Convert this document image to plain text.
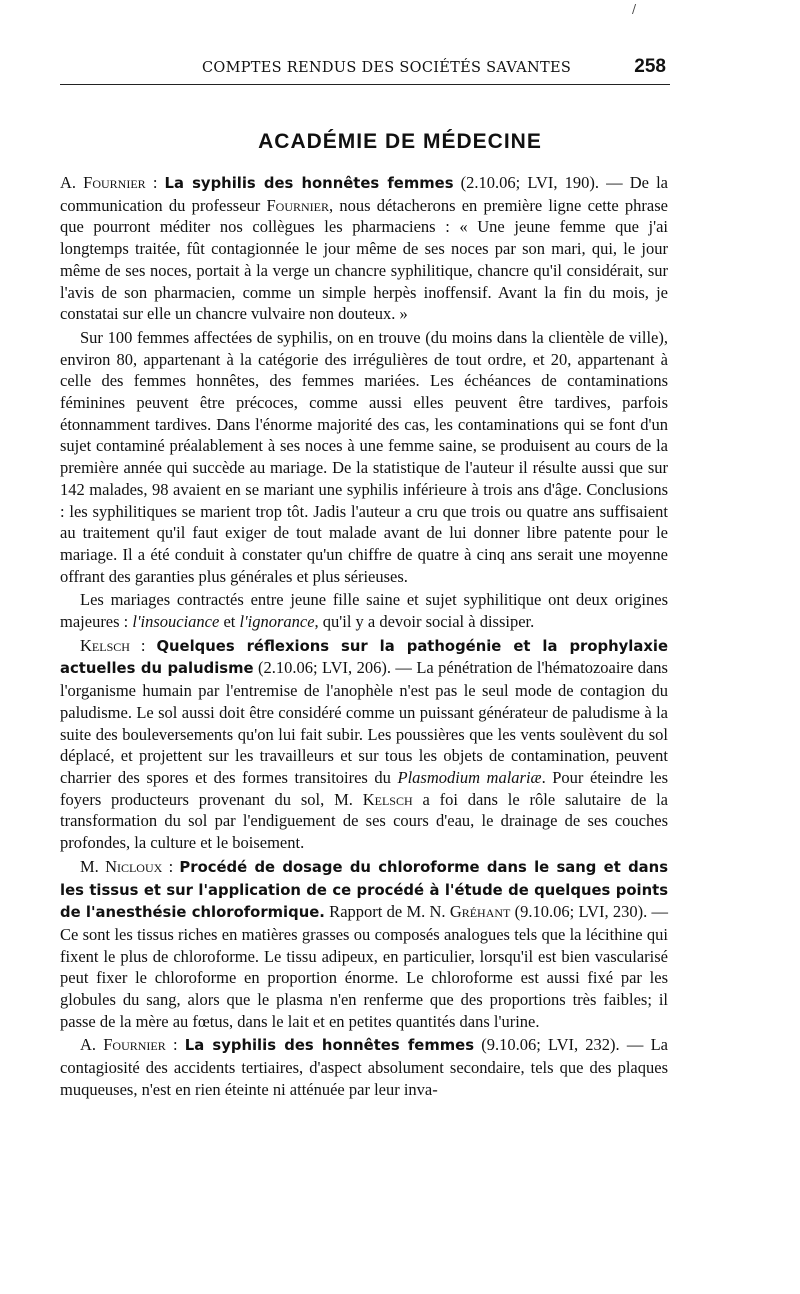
/
COMPTES RENDUS DES SOCIÉTÉS SAVANTES	258
ACADÉMIE DE MÉDECINE

A. Fournier : La syphilis des honnêtes femmes (2.10.06; LVI, 190). — De la communication du professeur Fournier, nous détacherons en première ligne cette phrase que pourront méditer nos collègues les pharmaciens : « Une jeune femme que j'ai longtemps traitée, fût contagionnée le jour même de ses noces par son mari, qui, le jour même de ses noces, portait à la verge un chancre syphilitique, chancre qu'il considérait, sur l'avis de son pharmacien, comme un simple herpès inoffensif. Avant la fin du mois, je constatai sur elle un chancre vulvaire non douteux. »

Sur 100 femmes affectées de syphilis, on en trouve (du moins dans la clientèle de ville), environ 80, appartenant à la catégorie des irrégulières de tout ordre, et 20, appartenant à celle des femmes honnêtes, des femmes mariées. Les échéances de contaminations féminines peuvent être précoces, comme aussi elles peuvent être tardives, parfois étonnamment tardives. Dans l'énorme majorité des cas, les contaminations qui se font d'un sujet contaminé préalablement à ses noces à une femme saine, se produisent au cours de la première année qui succède au mariage. De la statistique de l'auteur il résulte aussi que sur 142 malades, 98 avaient en se mariant une syphilis inférieure à trois ans d'âge. Conclusions : les syphilitiques se marient trop tôt. Jadis l'auteur a cru que trois ou quatre ans suffisaient au traitement qu'il faut exiger de tout malade avant de lui donner libre patente pour le mariage. Il a été conduit à constater qu'un chiffre de quatre à cinq ans serait une moyenne offrant des garanties plus générales et plus sérieuses.

Les mariages contractés entre jeune fille saine et sujet syphilitique ont deux origines majeures : l'insouciance et l'ignorance, qu'il y a devoir social à dissiper.

Kelsch : Quelques réflexions sur la pathogénie et la prophylaxie actuelles du paludisme (2.10.06; LVI, 206). — La pénétration de l'hématozoaire dans l'organisme humain par l'entremise de l'anophèle n'est pas le seul mode de contagion du paludisme. Le sol aussi doit être considéré comme un puissant générateur de paludisme à la suite des bouleversements qu'on lui fait subir. Les poussières que les vents soulèvent du sol déplacé, et projettent sur les travailleurs et sur tous les objets de contamination, peuvent charrier des spores et des formes transitoires du Plasmodium malariæ. Pour éteindre les foyers producteurs provenant du sol, M. Kelsch a foi dans le rôle salutaire de la transformation du sol par l'endiguement de ses cours d'eau, le drainage de ses couches profondes, la culture et le boisement.

M. Nicloux : Procédé de dosage du chloroforme dans le sang et dans les tissus et sur l'application de ce procédé à l'étude de quelques points de l'anesthésie chloroformique. Rapport de M. N. Gréhant (9.10.06; LVI, 230). — Ce sont les tissus riches en matières grasses ou composés analogues tels que la lécithine qui fixent le plus de chloroforme. Le tissu adipeux, en particulier, lorsqu'il est bien vascularisé peut fixer le chloroforme en proportion énorme. Le chloroforme est aussi fixé par les globules du sang, alors que le plasma n'en renferme que des proportions très faibles; il passe de la mère au fœtus, dans le lait et en petites quantités dans l'urine.

A. Fournier : La syphilis des honnêtes femmes (9.10.06; LVI, 232). — La contagiosité des accidents tertiaires, d'aspect absolument secondaire, tels que des plaques muqueuses, n'est en rien éteinte ni atténuée par leur inva-
